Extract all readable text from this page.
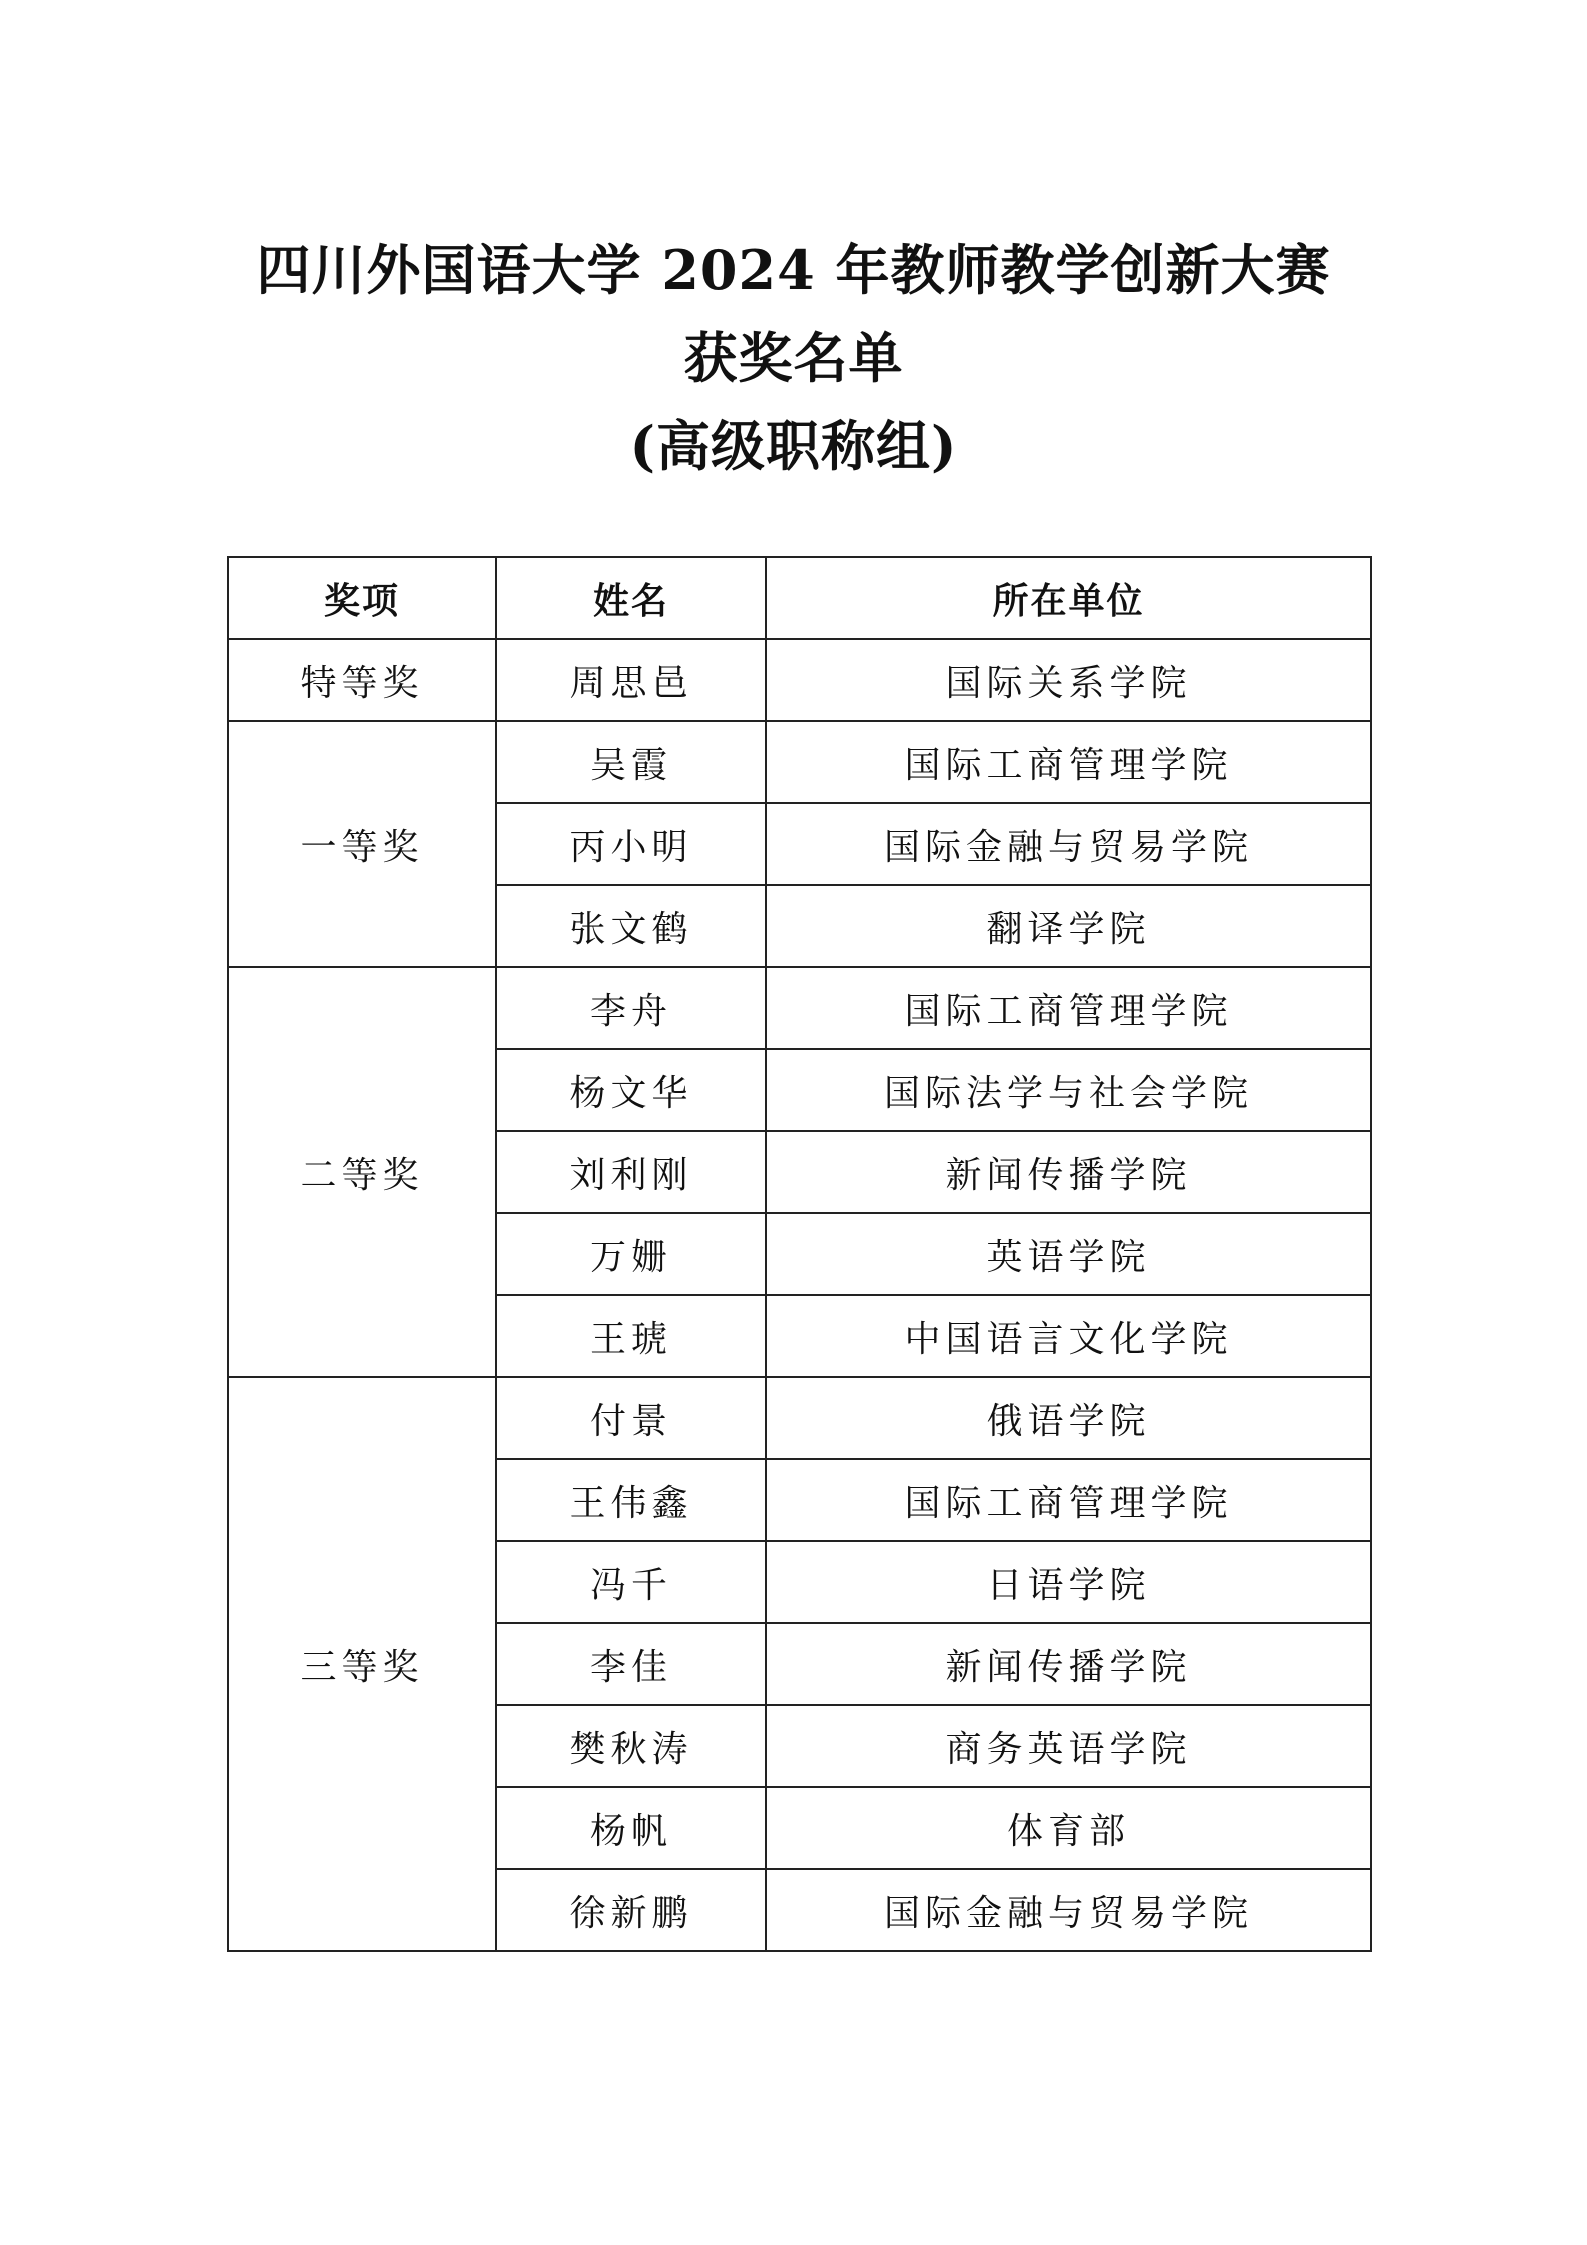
四川外国语大学 2024 年教师教学创新大赛
获奖名单
(高级职称组)
奖项	姓名	所在单位
特等奖	周思邑	国际关系学院
一等奖	吴霞	国际工商管理学院
	丙小明	国际金融与贸易学院
	张文鹤	翻译学院
二等奖	李舟	国际工商管理学院
	杨文华	国际法学与社会学院
	刘利刚	新闻传播学院
	万姗	英语学院
	王琥	中国语言文化学院
三等奖	付景	俄语学院
	王伟鑫	国际工商管理学院
	冯千	日语学院
	李佳	新闻传播学院
	樊秋涛	商务英语学院
	杨帆	体育部
	徐新鹏	国际金融与贸易学院
